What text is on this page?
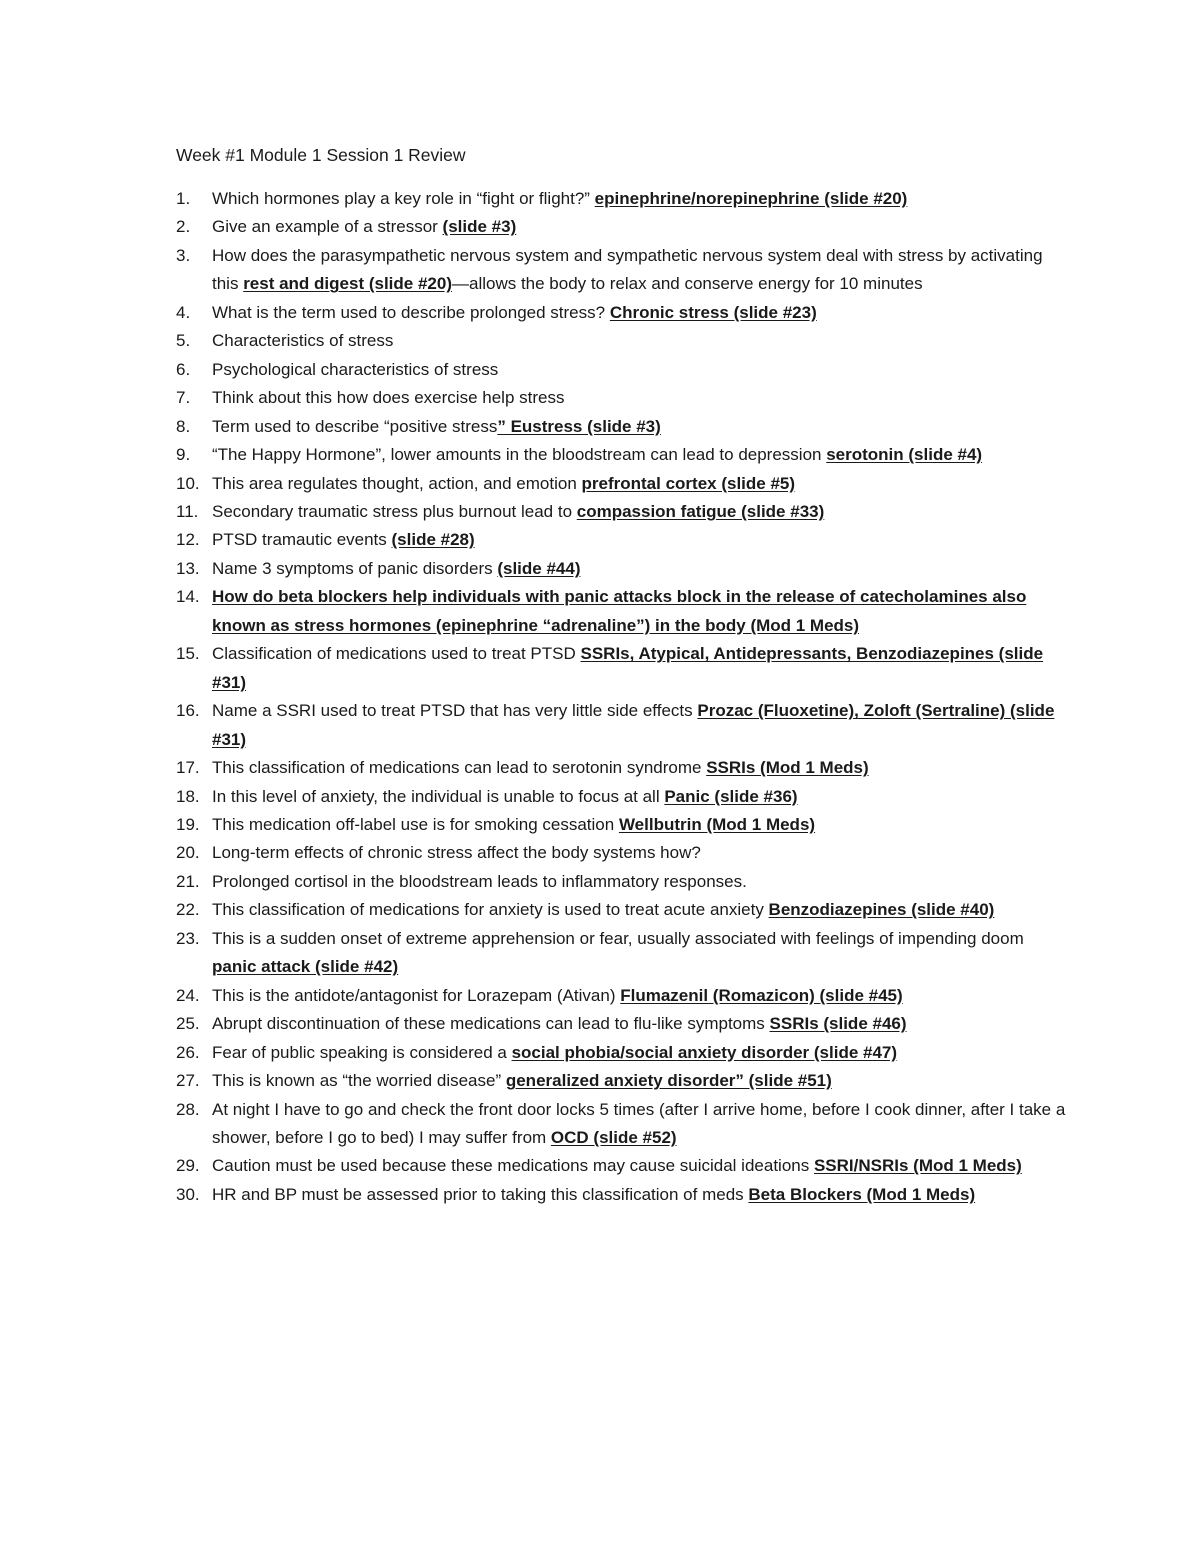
Week #1 Module 1 Session 1 Review
1.	Which hormones play a key role in “fight or flight?” epinephrine/norepinephrine (slide #20)
2.	Give an example of a stressor (slide #3)
3.	How does the parasympathetic nervous system and sympathetic nervous system deal with stress by activating this rest and digest (slide #20)—allows the body to relax and conserve energy for 10 minutes
4.	What is the term used to describe prolonged stress? Chronic stress (slide #23)
5.	Characteristics of stress
6.	Psychological characteristics of stress
7.	Think about this how does exercise help stress
8.	Term used to describe “positive stress” Eustress (slide #3)
9.	“The Happy Hormone”, lower amounts in the bloodstream can lead to depression serotonin (slide #4)
10. This area regulates thought, action, and emotion prefrontal cortex (slide #5)
11. Secondary traumatic stress plus burnout lead to compassion fatigue (slide #33)
12. PTSD tramautic events (slide #28)
13. Name 3 symptoms of panic disorders (slide #44)
14. How do beta blockers help individuals with panic attacks block in the release of catecholamines also known as stress hormones (epinephrine “adrenaline”) in the body (Mod 1 Meds)
15. Classification of medications used to treat PTSD SSRIs, Atypical, Antidepressants, Benzodiazepines (slide #31)
16. Name a SSRI used to treat PTSD that has very little side effects Prozac (Fluoxetine), Zoloft (Sertraline) (slide #31)
17. This classification of medications can lead to serotonin syndrome SSRIs (Mod 1 Meds)
18. In this level of anxiety, the individual is unable to focus at all Panic (slide #36)
19. This medication off-label use is for smoking cessation Wellbutrin (Mod 1 Meds)
20. Long-term effects of chronic stress affect the body systems how?
21. Prolonged cortisol in the bloodstream leads to inflammatory responses.
22. This classification of medications for anxiety is used to treat acute anxiety Benzodiazepines (slide #40)
23. This is a sudden onset of extreme apprehension or fear, usually associated with feelings of impending doom panic attack (slide #42)
24. This is the antidote/antagonist for Lorazepam (Ativan) Flumazenil (Romazicon) (slide #45)
25. Abrupt discontinuation of these medications can lead to flu-like symptoms SSRIs (slide #46)
26. Fear of public speaking is considered a social phobia/social anxiety disorder (slide #47)
27. This is known as “the worried disease” generalized anxiety disorder” (slide #51)
28. At night I have to go and check the front door locks 5 times (after I arrive home, before I cook dinner, after I take a shower, before I go to bed) I may suffer from OCD (slide #52)
29. Caution must be used because these medications may cause suicidal ideations SSRI/NSRIs (Mod 1 Meds)
30. HR and BP must be assessed prior to taking this classification of meds Beta Blockers (Mod 1 Meds)
